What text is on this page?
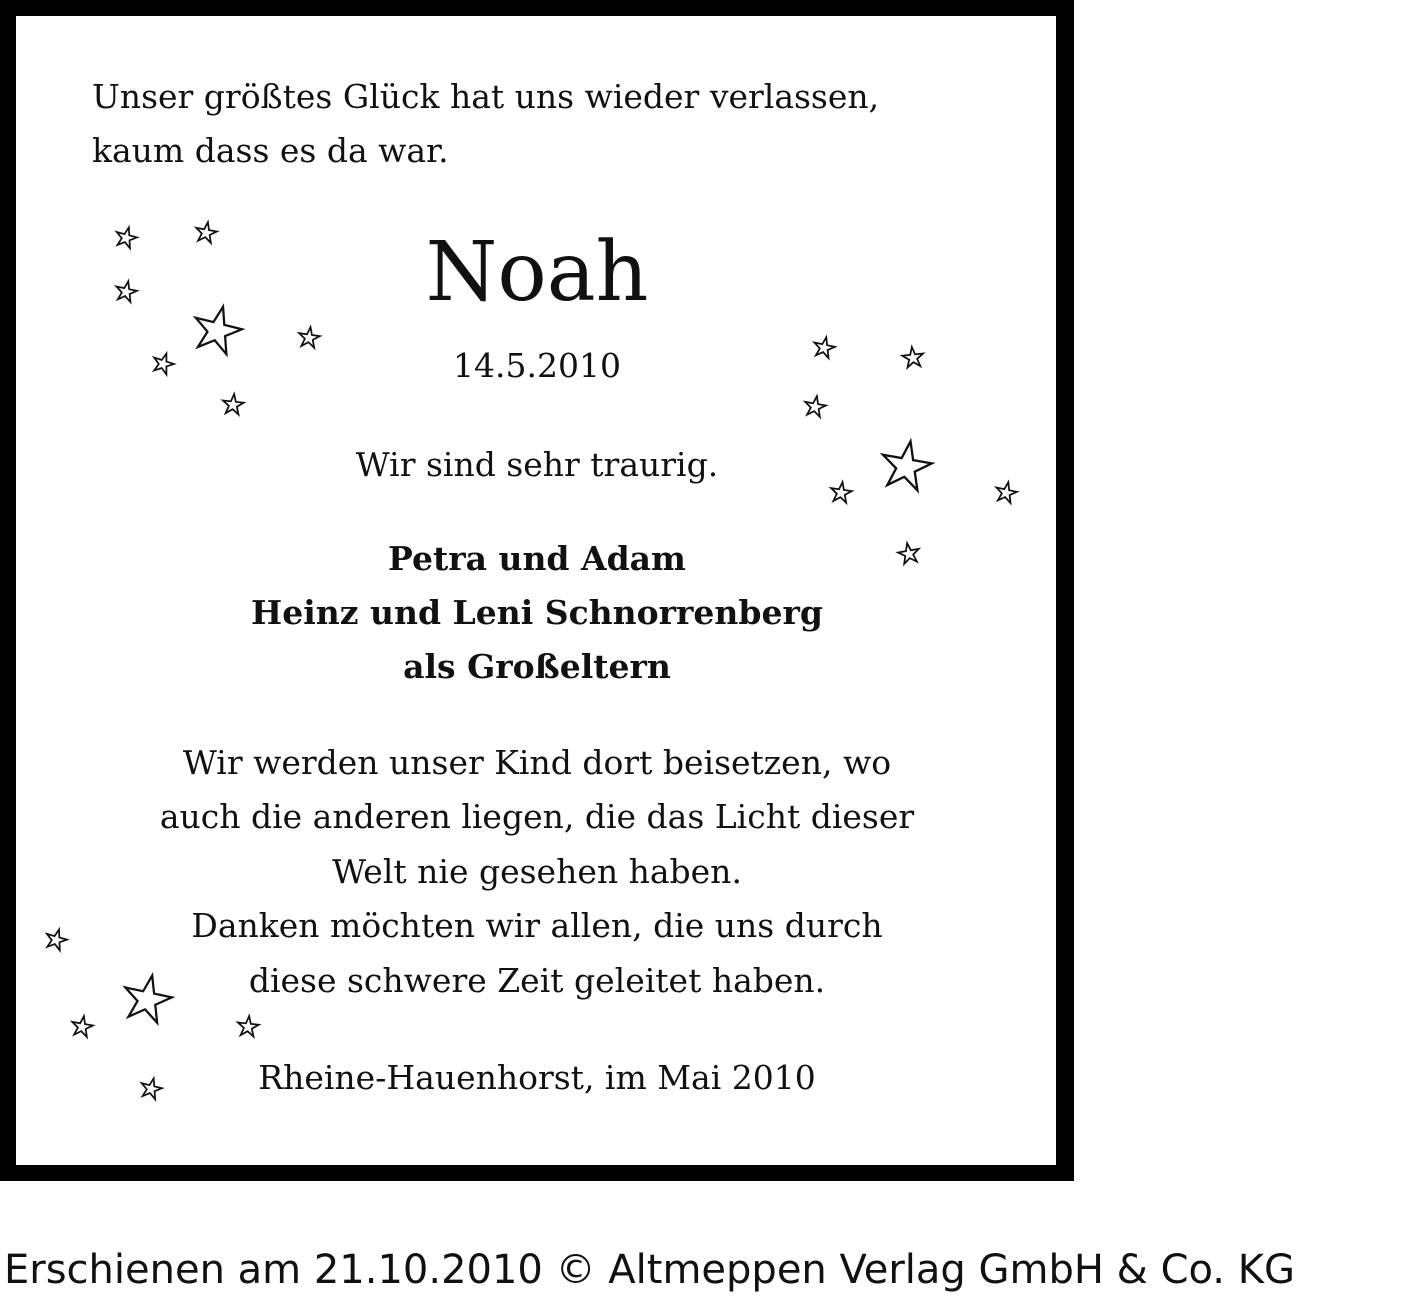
Unser größtes Glück hat uns wieder verlassen,

kaum dass es da war.

Noah

14.5.2010

Wir sind sehr traurig.

Petra und Adam

Heinz und Leni Schnorrenberg

als Großeltern

Wir werden unser Kind dort beisetzen, wo

auch die anderen liegen, die das Licht dieser

Welt nie gesehen haben.

Danken möchten wir allen, die uns durch

diese schwere Zeit geleitet haben.

Rheine-Hauenhorst, im Mai 2010

Erschienen am 21.10.2010 © Altmeppen Verlag GmbH & Co. KG
